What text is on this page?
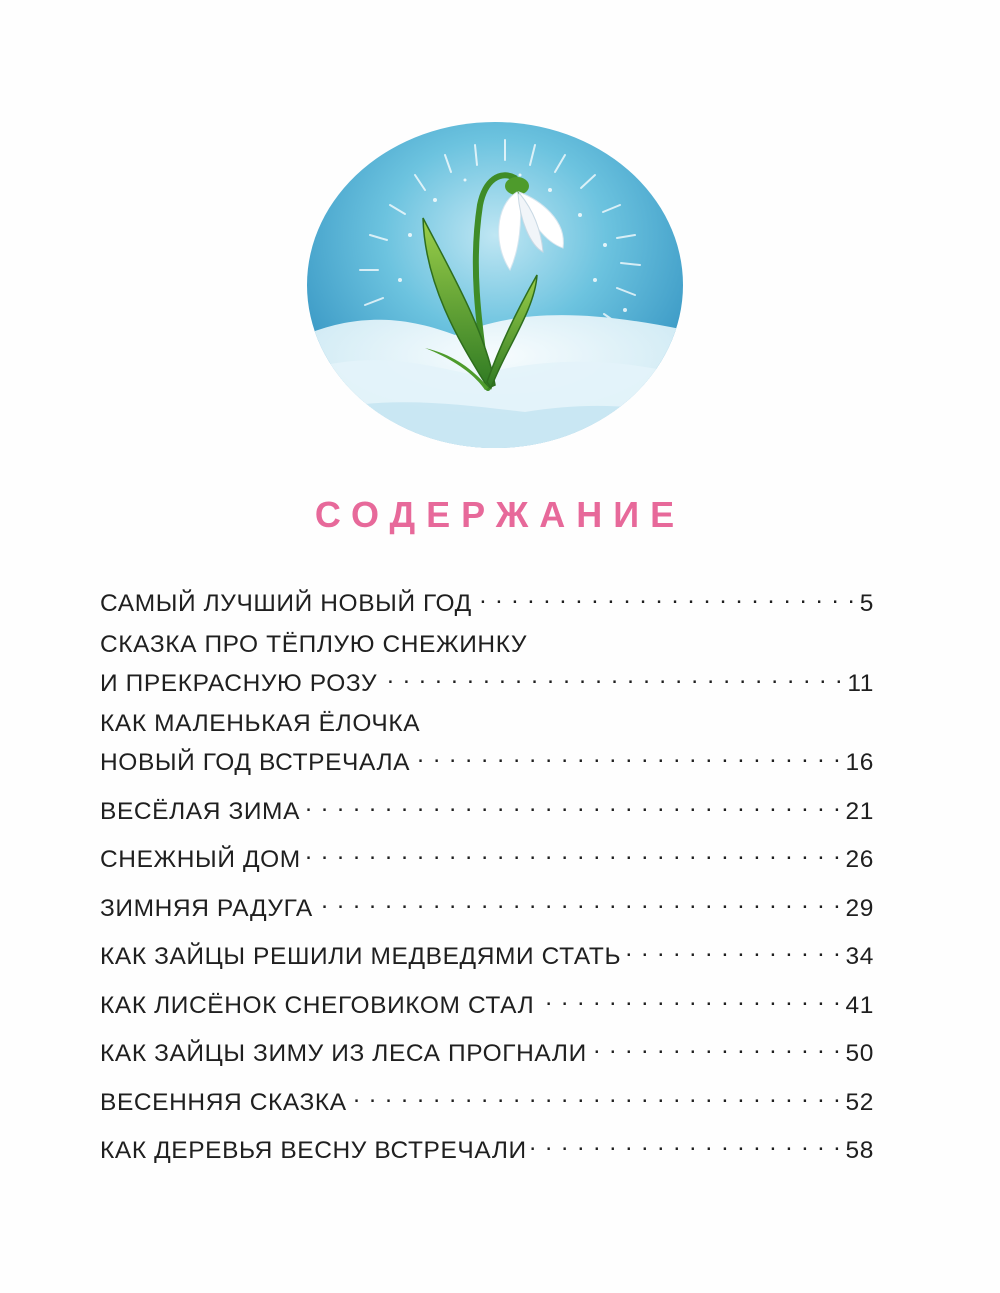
СОДЕРЖАНИЕ
САМЫЙ ЛУЧШИЙ НОВЫЙ ГОД . . .	5
СКАЗКА ПРО ТЁПЛУЮ СНЕЖИНКУ
И ПРЕКРАСНУЮ РОЗУ . . .	11
КАК МАЛЕНЬКАЯ ЁЛОЧКА
НОВЫЙ ГОД ВСТРЕЧАЛА . . .	16
ВЕСЁЛАЯ ЗИМА . . .	21
СНЕЖНЫЙ ДОМ . . .	26
ЗИМНЯЯ РАДУГА . . .	29
КАК ЗАЙЦЫ РЕШИЛИ МЕДВЕДЯМИ СТАТЬ . . .	34
КАК ЛИСЁНОК СНЕГОВИКОМ СТАЛ . . .	41
КАК ЗАЙЦЫ ЗИМУ ИЗ ЛЕСА ПРОГНАЛИ . . .	50
ВЕСЕННЯЯ СКАЗКА . . .	52
КАК ДЕРЕВЬЯ ВЕСНУ ВСТРЕЧАЛИ . . .	58
